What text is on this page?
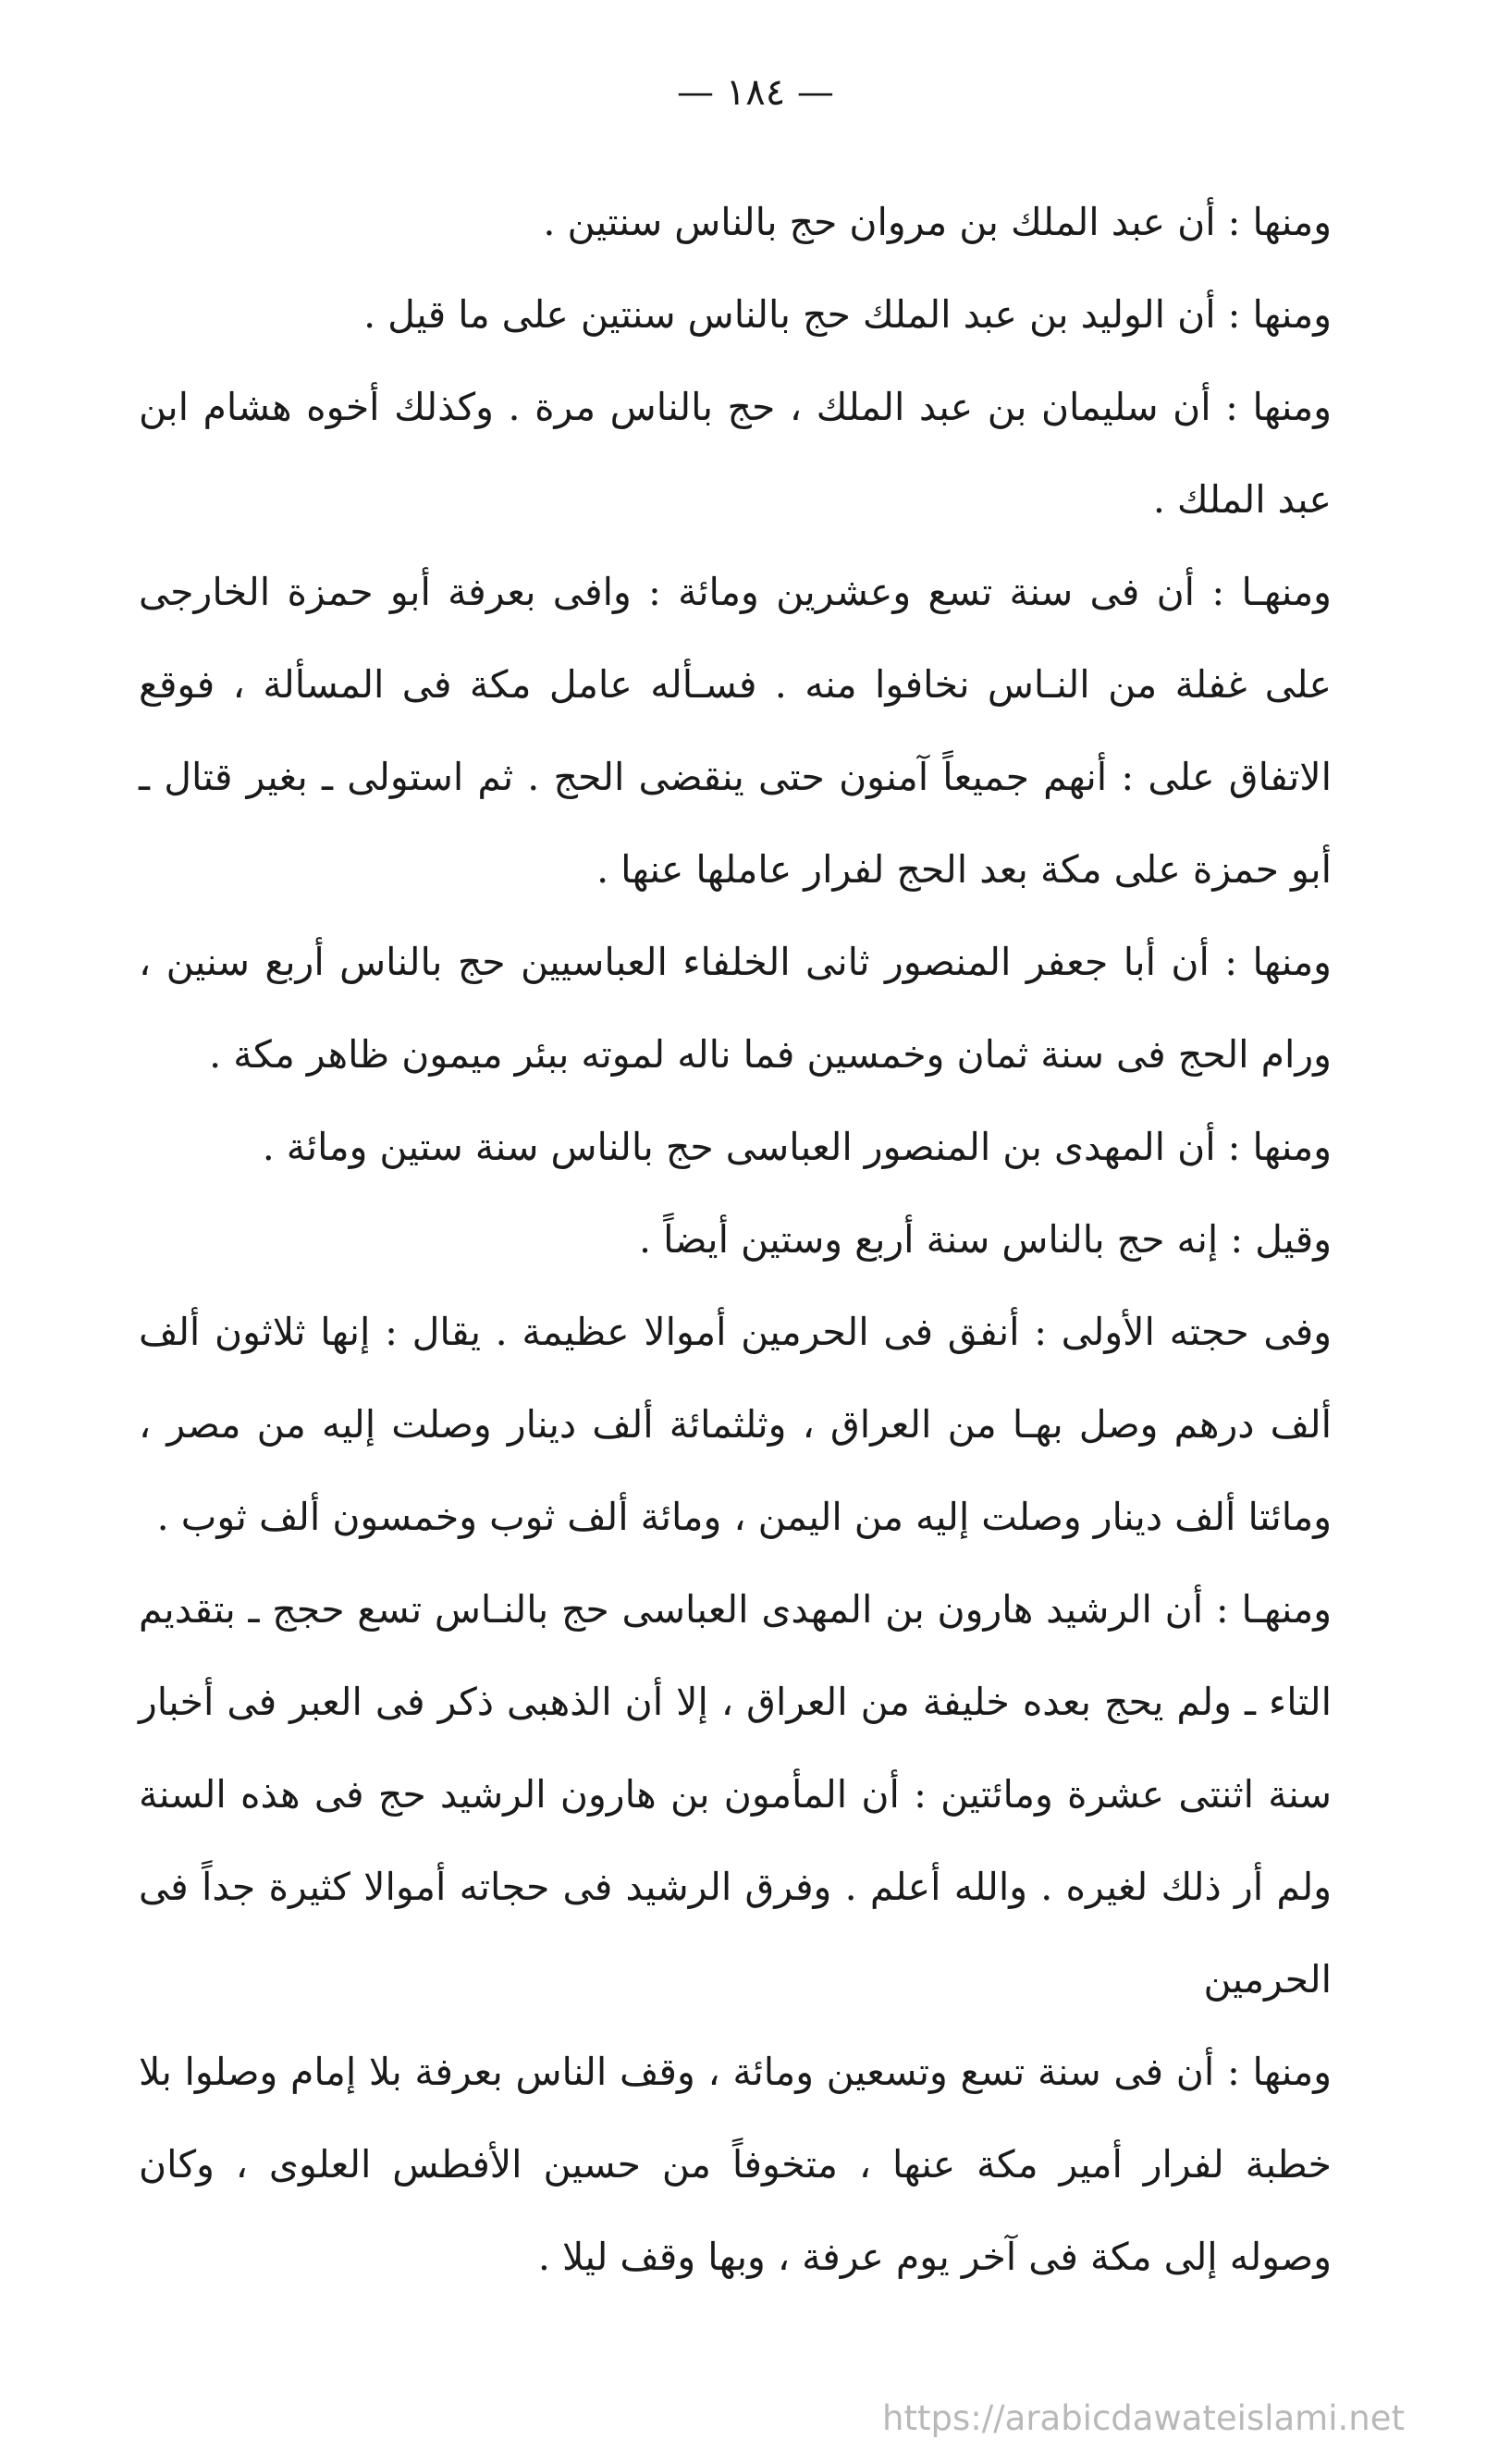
— ١٨٤ —

ومنها : أن عبد الملك بن مروان حج بالناس سنتين .

ومنها : أن الوليد بن عبد الملك حج بالناس سنتين على ما قيل .

ومنها : أن سليمان بن عبد الملك ، حج بالناس مرة . وكذلك أخوه هشام ابن عبد الملك .

ومنهـا : أن فى سنة تسع وعشرين ومائة : وافى بعرفة أبو حمزة الخارجى على غفلة من النـاس نخافوا منه . فسـأله عامل مكة فى المسألة ، فوقع الاتفاق على : أنهم جميعاً آمنون حتى ينقضى الحج . ثم استولى ـ بغير قتال ـ أبو حمزة على مكة بعد الحج لفرار عاملها عنها .

ومنها : أن أبا جعفر المنصور ثانى الخلفاء العباسيين حج بالناس أربع سنين ، ورام الحج فى سنة ثمان وخمسين فما ناله لموته ببئر ميمون ظاهر مكة .

ومنها : أن المهدى بن المنصور العباسى حج بالناس سنة ستين ومائة .

وقيل : إنه حج بالناس سنة أربع وستين أيضاً .

وفى حجته الأولى : أنفق فى الحرمين أموالا عظيمة . يقال : إنها ثلاثون ألف ألف درهم وصل بهـا من العراق ، وثلثمائة ألف دينار وصلت إليه من مصر ، ومائتا ألف دينار وصلت إليه من اليمن ، ومائة ألف ثوب وخمسون ألف ثوب .

ومنهـا : أن الرشيد هارون بن المهدى العباسى حج بالنـاس تسع حجج ـ بتقديم التاء ـ ولم يحج بعده خليفة من العراق ، إلا أن الذهبى ذكر فى العبر فى أخبار سنة اثنتى عشرة ومائتين : أن المأمون بن هارون الرشيد حج فى هذه السنة ولم أر ذلك لغيره . والله أعلم . وفرق الرشيد فى حجاته أموالا كثيرة جداً فى الحرمين

ومنها : أن فى سنة تسع وتسعين ومائة ، وقف الناس بعرفة بلا إمام وصلوا بلا خطبة لفرار أمير مكة عنها ، متخوفاً من حسين الأفطس العلوى ، وكان وصوله إلى مكة فى آخر يوم عرفة ، وبها وقف ليلا .

https://arabicdawateislami.net
